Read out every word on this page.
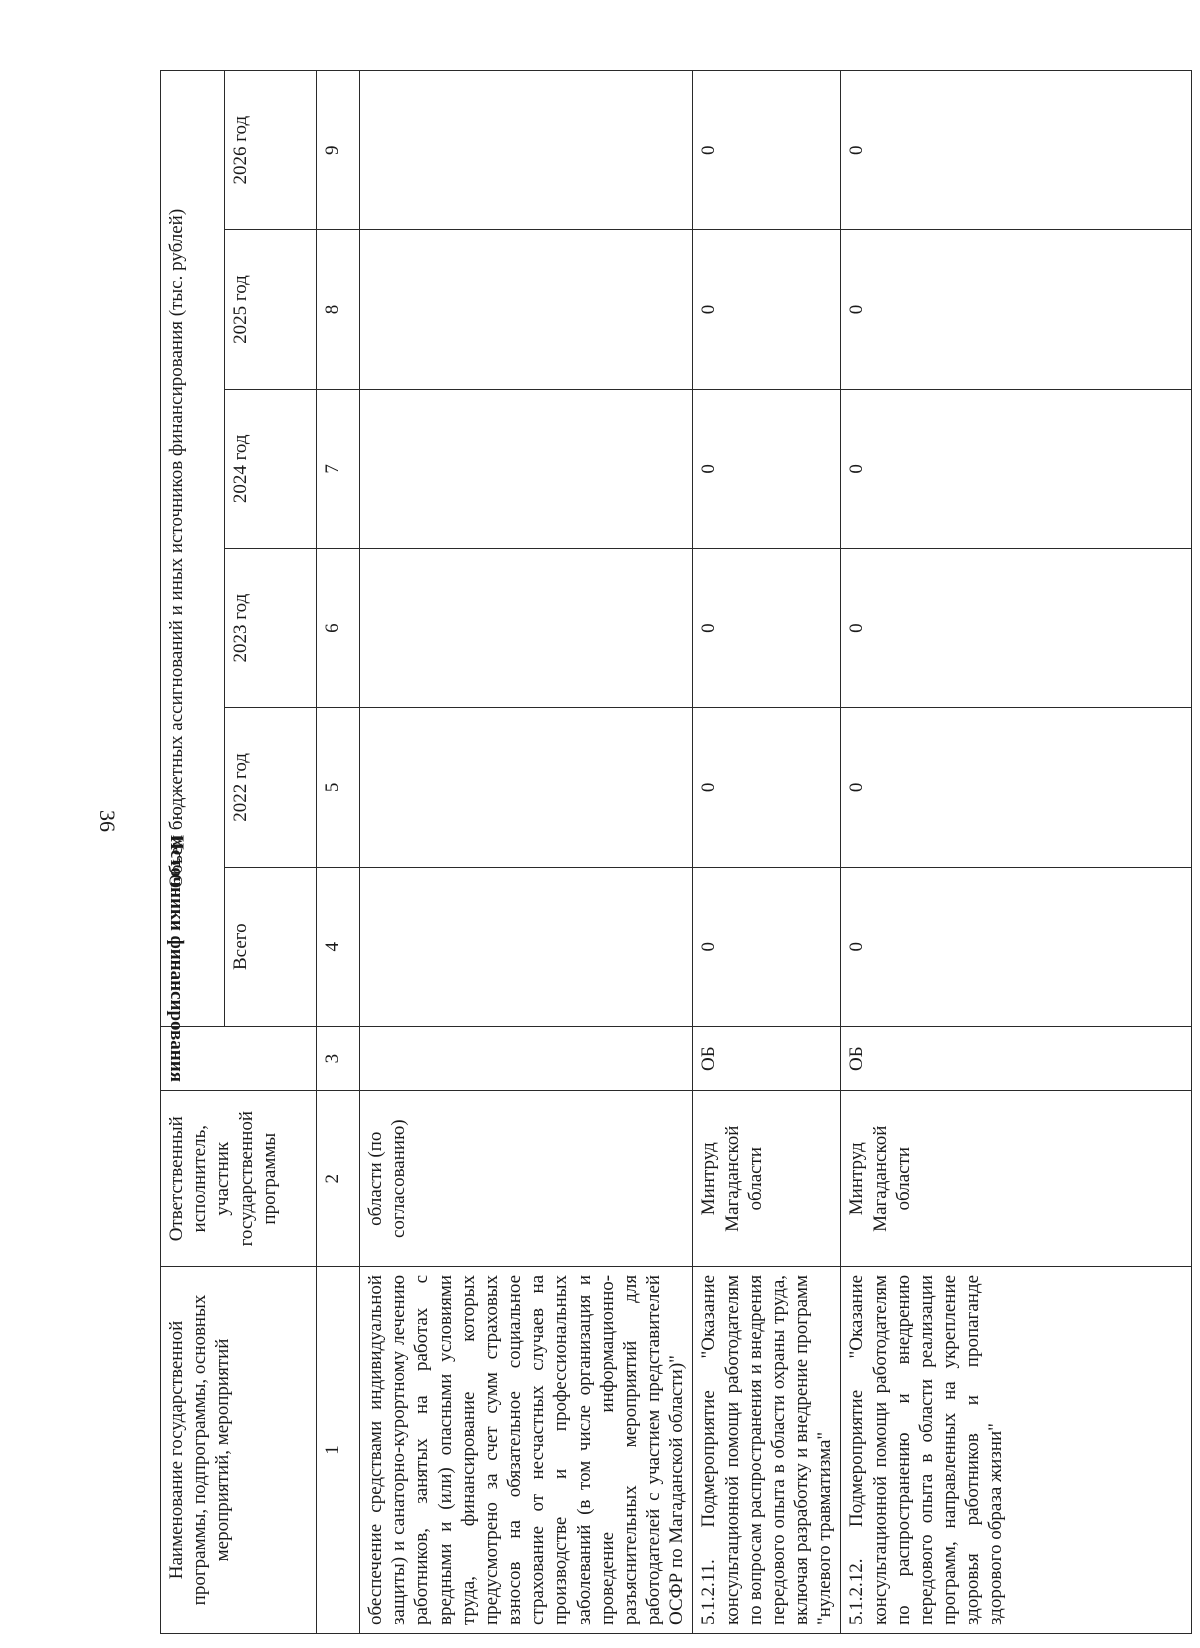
36
Наименование государственной программы, подпрограммы, основных мероприятий, мероприятий	Ответственный исполнитель, участник государственной программы	Источники финансирования	Объем бюджетных ассигнований и иных источников финансирования (тыс. рублей)					
			Всего	2022 год	2023 год	2024 год	2025 год	2026 год
1	2	3	4	5	6	7	8	9
обеспечение средствами индивидуальной защиты) и санаторно-курортному лечению работников, занятых на работах с вредными и (или) опасными условиями труда, финансирование которых предусмотрено за счет сумм страховых взносов на обязательное социальное страхование от несчастных случаев на производстве и профессиональных заболеваний (в том числе организация и проведение информационно-разъяснительных мероприятий для работодателей с участием представителей ОСФР по Магаданской области)"	области (по согласованию)							
5.1.2.11. Подмероприятие "Оказание консультационной помощи работодателям по вопросам распространения и внедрения передового опыта в области охраны труда, включая разработку и внедрение программ "нулевого травматизма"	Минтруд Магаданской области	ОБ	0	0	0	0	0	0
5.1.2.12. Подмероприятие "Оказание консультационной помощи работодателям по распространению и внедрению передового опыта в области реализации программ, направленных на укрепление здоровья работников и пропаганде здорового образа жизни"	Минтруд Магаданской области	ОБ	0	0	0	0	0	0
